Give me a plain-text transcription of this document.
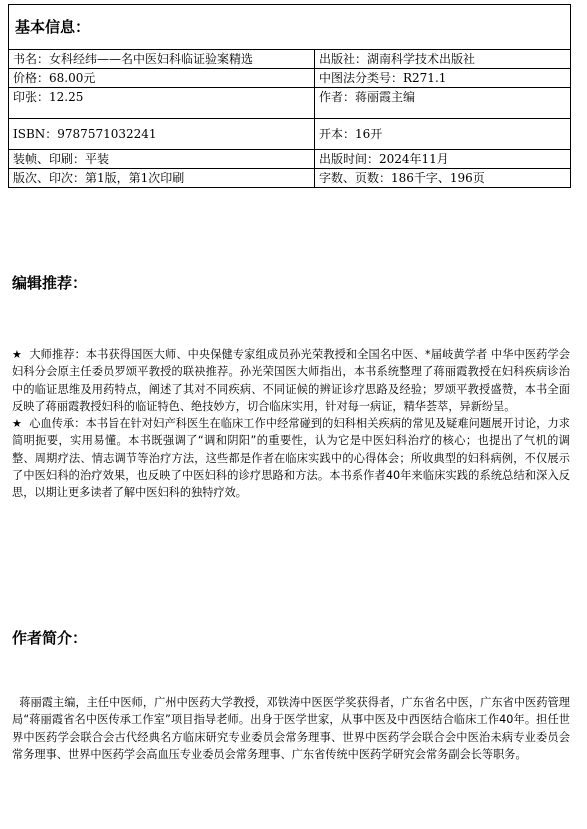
基本信息：	
书名：女科经纬——名中医妇科临证验案精选	出版社：湖南科学技术出版社
价格：68.00元	中图法分类号：R271.1
印张：12.25	作者：蒋丽霞主编
ISBN：9787571032241	开本：16开
装帧、印刷：平装	出版时间：2024年11月
版次、印次：第1版，第1次印刷	字数、页数：186千字、196页
编辑推荐：

★ 大师推荐：本书获得国医大师、中央保健专家组成员孙光荣教授和全国名中医、*届岐黄学者 中华中医药学会妇科分会原主任委员罗颂平教授的联袂推荐。孙光荣国医大师指出，本书系统整理了蒋丽霞教授在妇科疾病诊治中的临证思维及用药特点，阐述了其对不同疾病、不同证候的辨证诊疗思路及经验；罗颂平教授盛赞，本书全面反映了蒋丽霞教授妇科的临证特色、绝技妙方，切合临床实用，针对每一病证，精华荟萃，异新纷呈。

★ 心血传承：本书旨在针对妇产科医生在临床工作中经常碰到的妇科相关疾病的常见及疑难问题展开讨论，力求简明扼要，实用易懂。本书既强调了“调和阴阳”的重要性，认为它是中医妇科治疗的核心；也提出了气机的调整、周期疗法、情志调节等治疗方法，这些都是作者在临床实践中的心得体会；所收典型的妇科病例，不仅展示了中医妇科的治疗效果，也反映了中医妇科的诊疗思路和方法。本书系作者40年来临床实践的系统总结和深入反思，以期让更多读者了解中医妇科的独特疗效。

作者简介：

蒋丽霞主编，主任中医师，广州中医药大学教授，邓铁涛中医医学奖获得者，广东省名中医，广东省中医药管理局“蒋丽霞省名中医传承工作室”项目指导老师。出身于医学世家，从事中医及中西医结合临床工作40年。担任世界中医药学会联合会古代经典名方临床研究专业委员会常务理事、世界中医药学会联合会中医治未病专业委员会常务理事、世界中医药学会高血压专业委员会常务理事、广东省传统中医药学研究会常务副会长等职务。
